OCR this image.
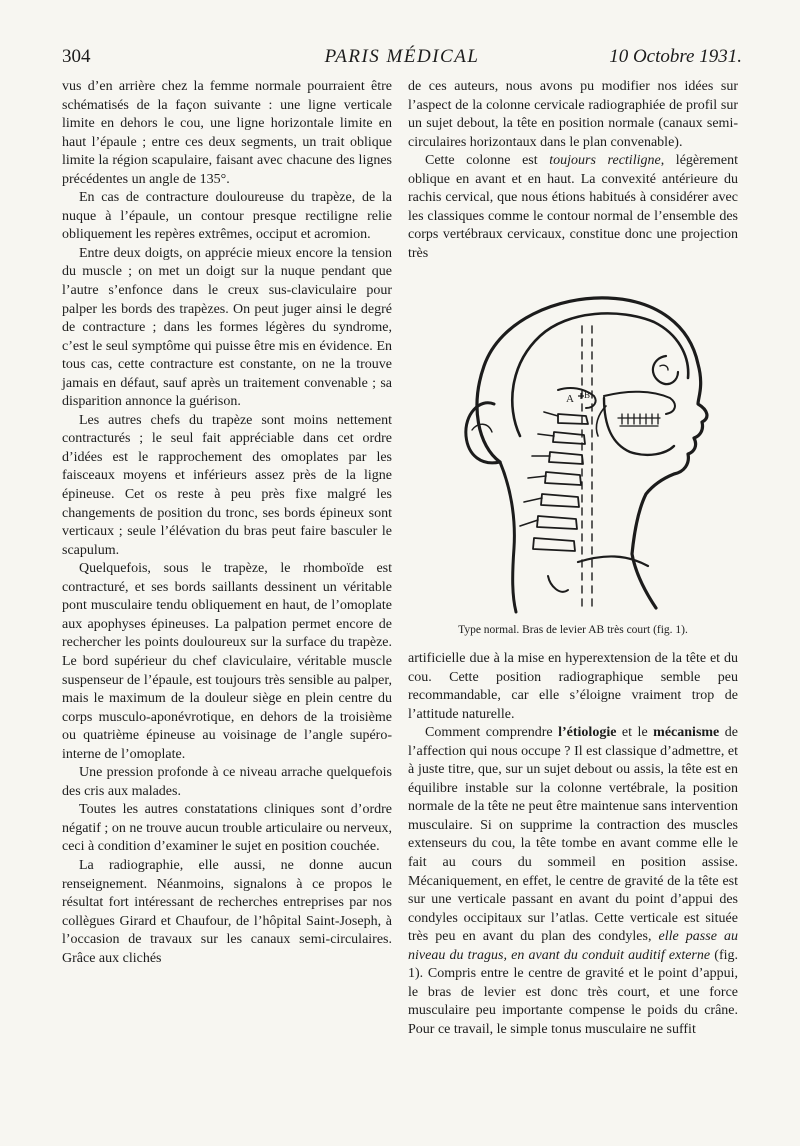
304	PARIS MÉDICAL	10 Octobre 1931.

vus d’en arrière chez la femme normale pourraient être schématisés de la façon suivante : une ligne verticale limite en dehors le cou, une ligne horizontale limite en haut l’épaule ; entre ces deux segments, un trait oblique limite la région scapulaire, faisant avec chacune des lignes précédentes un angle de 135°.

En cas de contracture douloureuse du trapèze, de la nuque à l’épaule, un contour presque rectiligne relie obliquement les repères extrêmes, occiput et acromion.

Entre deux doigts, on apprécie mieux encore la tension du muscle ; on met un doigt sur la nuque pendant que l’autre s’enfonce dans le creux sus-claviculaire pour palper les bords des trapèzes. On peut juger ainsi le degré de contracture ; dans les formes légères du syndrome, c’est le seul symptôme qui puisse être mis en évidence. En tous cas, cette contracture est constante, on ne la trouve jamais en défaut, sauf après un traitement convenable ; sa disparition annonce la guérison.

Les autres chefs du trapèze sont moins nettement contracturés ; le seul fait appréciable dans cet ordre d’idées est le rapprochement des omoplates par les faisceaux moyens et inférieurs assez près de la ligne épineuse. Cet os reste à peu près fixe malgré les changements de position du tronc, ses bords épineux sont verticaux ; seule l’élévation du bras peut faire basculer le scapulum.

Quelquefois, sous le trapèze, le rhomboïde est contracturé, et ses bords saillants dessinent un véritable pont musculaire tendu obliquement en haut, de l’omoplate aux apophyses épineuses. La palpation permet encore de rechercher les points douloureux sur la surface du trapèze. Le bord supérieur du chef claviculaire, véritable muscle suspenseur de l’épaule, est toujours très sensible au palper, mais le maximum de la douleur siège en plein centre du corps musculo-aponévrotique, en dehors de la troisième ou quatrième épineuse au voisinage de l’angle supéro-interne de l’omoplate.

Une pression profonde à ce niveau arrache quelquefois des cris aux malades.

Toutes les autres constatations cliniques sont d’ordre négatif ; on ne trouve aucun trouble articulaire ou nerveux, ceci à condition d’examiner le sujet en position couchée.

La radiographie, elle aussi, ne donne aucun renseignement. Néanmoins, signalons à ce propos le résultat fort intéressant de recherches entreprises par nos collègues Girard et Chaufour, de l’hôpital Saint-Joseph, à l’occasion de travaux sur les canaux semi-circulaires. Grâce aux clichés

de ces auteurs, nous avons pu modifier nos idées sur l’aspect de la colonne cervicale radiographiée de profil sur un sujet debout, la tête en position normale (canaux semi-circulaires horizontaux dans le plan convenable).

Cette colonne est toujours rectiligne, légèrement oblique en avant et en haut. La convexité antérieure du rachis cervical, que nous étions habitués à considérer avec les classiques comme le contour normal de l’ensemble des corps vertébraux cervicaux, constitue donc une projection très

A B
Type normal. Bras de levier AB très court (fig. 1).

artificielle due à la mise en hyperextension de la tête et du cou. Cette position radiographique semble peu recommandable, car elle s’éloigne vraiment trop de l’attitude naturelle.

Comment comprendre l’étiologie et le mécanisme de l’affection qui nous occupe ? Il est classique d’admettre, et à juste titre, que, sur un sujet debout ou assis, la tête est en équilibre instable sur la colonne vertébrale, la position normale de la tête ne peut être maintenue sans intervention musculaire. Si on supprime la contraction des muscles extenseurs du cou, la tête tombe en avant comme elle le fait au cours du sommeil en position assise. Mécaniquement, en effet, le centre de gravité de la tête est sur une verticale passant en avant du point d’appui des condyles occipitaux sur l’atlas. Cette verticale est située très peu en avant du plan des condyles, elle passe au niveau du tragus, en avant du conduit auditif externe (fig. 1). Compris entre le centre de gravité et le point d’appui, le bras de levier est donc très court, et une force musculaire peu importante compense le poids du crâne. Pour ce travail, le simple tonus musculaire ne suffit
